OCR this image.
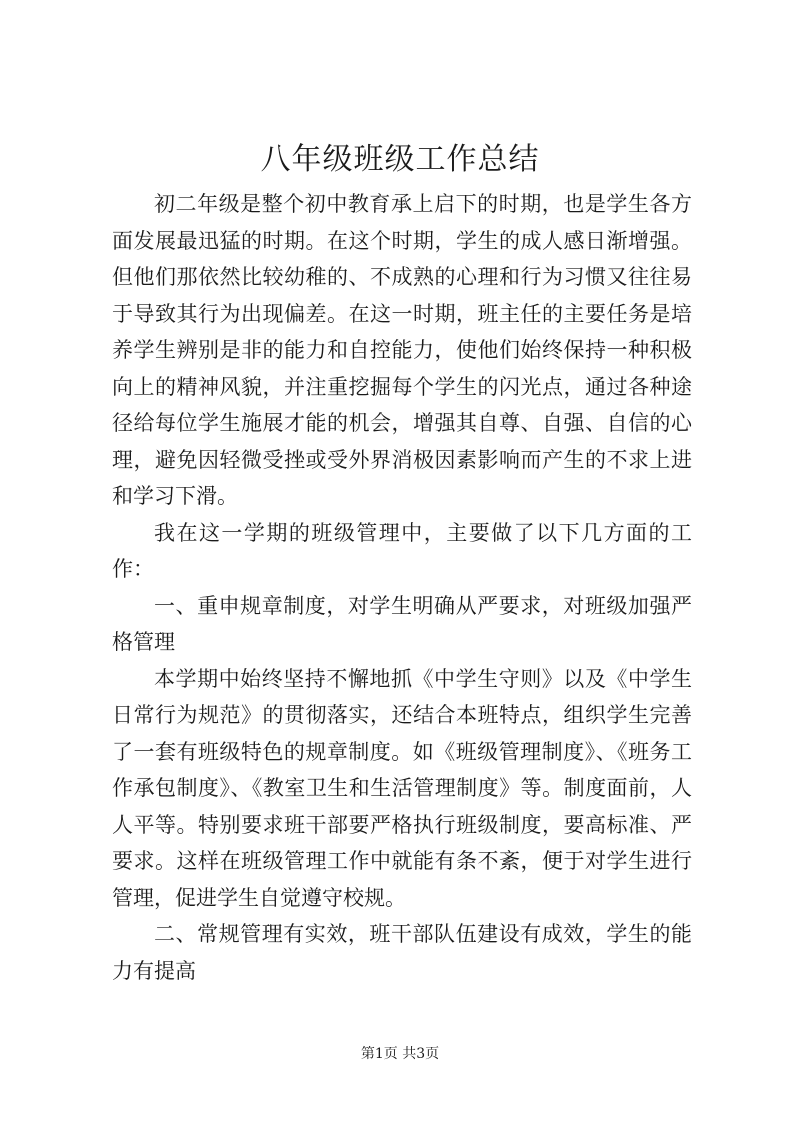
八年级班级工作总结

初二年级是整个初中教育承上启下的时期，也是学生各方面发展最迅猛的时期。在这个时期，学生的成人感日渐增强。但他们那依然比较幼稚的、不成熟的心理和行为习惯又往往易于导致其行为出现偏差。在这一时期，班主任的主要任务是培养学生辨别是非的能力和自控能力，使他们始终保持一种积极向上的精神风貌，并注重挖掘每个学生的闪光点，通过各种途径给每位学生施展才能的机会，增强其自尊、自强、自信的心理，避免因轻微受挫或受外界消极因素影响而产生的不求上进和学习下滑。

我在这一学期的班级管理中，主要做了以下几方面的工作：

一、重申规章制度，对学生明确从严要求，对班级加强严格管理

本学期中始终坚持不懈地抓《中学生守则》以及《中学生日常行为规范》的贯彻落实，还结合本班特点，组织学生完善了一套有班级特色的规章制度。如《班级管理制度》、《班务工作承包制度》、《教室卫生和生活管理制度》等。制度面前，人人平等。特别要求班干部要严格执行班级制度，要高标准、严要求。这样在班级管理工作中就能有条不紊，便于对学生进行管理，促进学生自觉遵守校规。

二、常规管理有实效，班干部队伍建设有成效，学生的能力有提高

第1页 共3页
